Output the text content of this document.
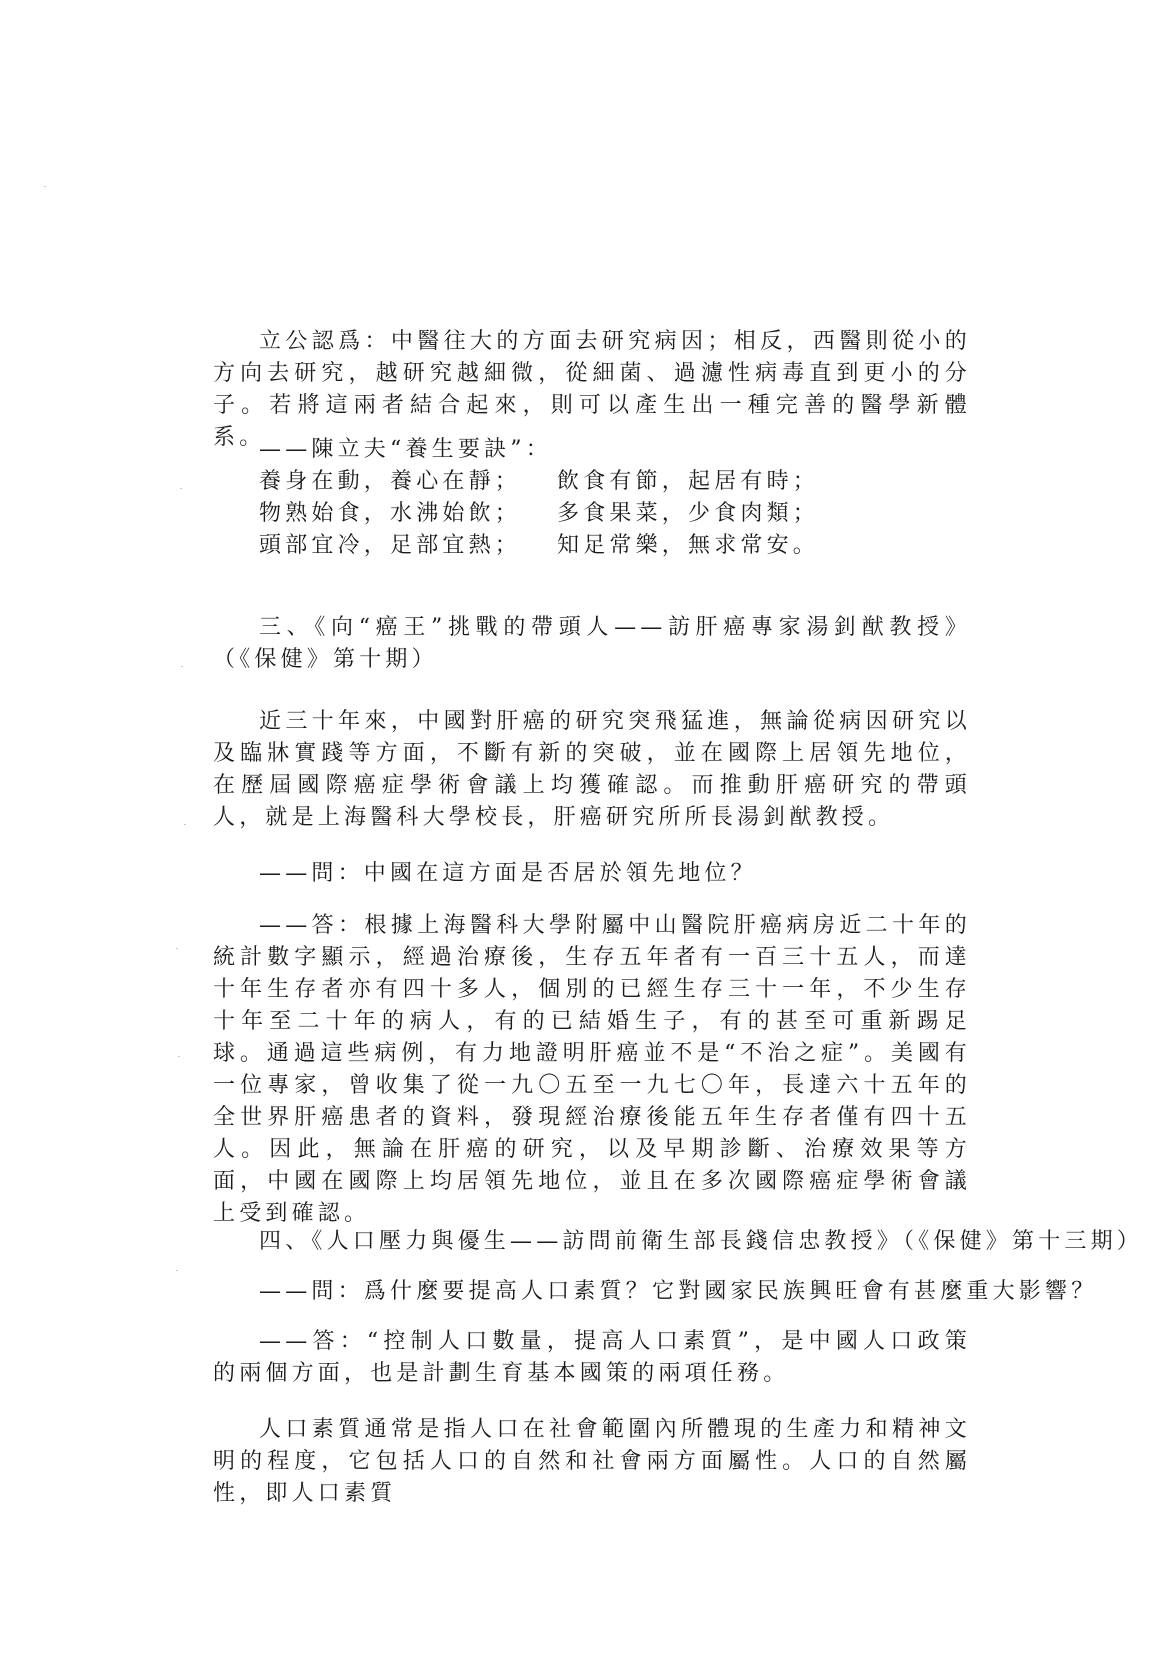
立公認爲：中醫往大的方面去研究病因；相反，西醫則從小的方向去研究，越研究越細微，從細菌、過濾性病毒直到更小的分子。若將這兩者結合起來，則可以產生出一種完善的醫學新體系。
——陳立夫“養生要訣”：
養身在動，養心在靜； 飲食有節，起居有時；
物熟始食，水沸始飲； 多食果菜，少食肉類；
頭部宜冷，足部宜熱； 知足常樂，無求常安。
三、《向“癌王”挑戰的帶頭人——訪肝癌專家湯釗猷教授》（《保健》第十期）
近三十年來，中國對肝癌的研究突飛猛進，無論從病因研究以及臨牀實踐等方面，不斷有新的突破，並在國際上居領先地位，在歷屆國際癌症學術會議上均獲確認。而推動肝癌研究的帶頭人，就是上海醫科大學校長，肝癌研究所所長湯釗猷教授。
——問：中國在這方面是否居於領先地位？
——答：根據上海醫科大學附屬中山醫院肝癌病房近二十年的統計數字顯示，經過治療後，生存五年者有一百三十五人，而達十年生存者亦有四十多人，個別的已經生存三十一年，不少生存十年至二十年的病人，有的已結婚生子，有的甚至可重新踢足球。通過這些病例，有力地證明肝癌並不是“不治之症”。美國有一位專家，曾收集了從一九〇五至一九七〇年，長達六十五年的全世界肝癌患者的資料，發現經治療後能五年生存者僅有四十五人。因此，無論在肝癌的研究，以及早期診斷、治療效果等方面，中國在國際上均居領先地位，並且在多次國際癌症學術會議上受到確認。
四、《人口壓力與優生——訪問前衛生部長錢信忠教授》（《保健》第十三期）
——問：爲什麼要提高人口素質？它對國家民族興旺會有甚麼重大影響？
——答：“控制人口數量，提高人口素質”，是中國人口政策的兩個方面，也是計劃生育基本國策的兩項任務。
人口素質通常是指人口在社會範圍內所體現的生產力和精神文明的程度，它包括人口的自然和社會兩方面屬性。人口的自然屬性，即人口素質
